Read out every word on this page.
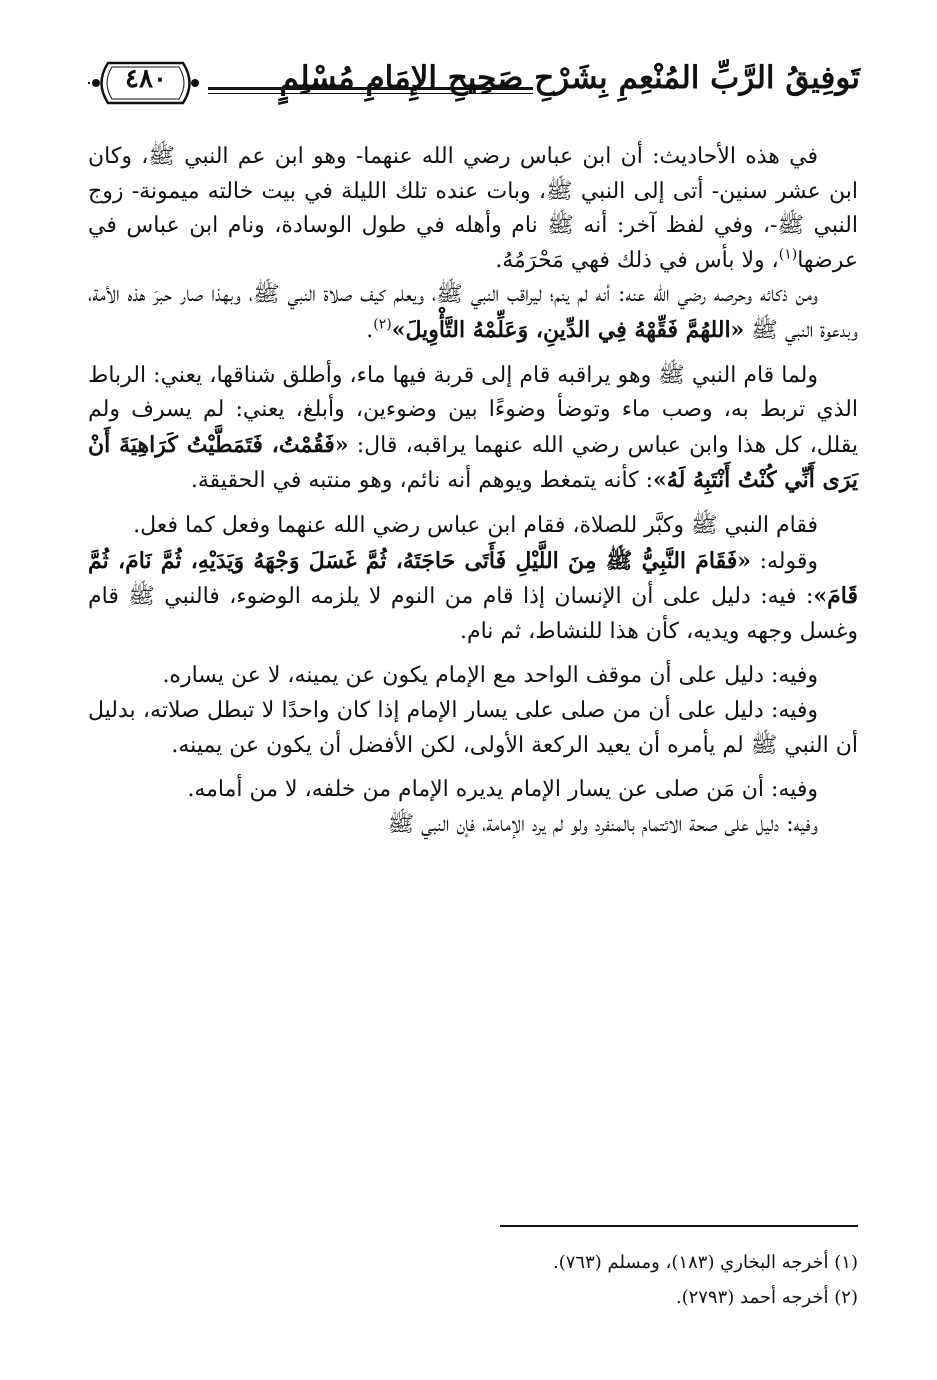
٤٨٠	تَوفِيقُ الرَّبِّ المُنْعِمِ بِشَرْحِ صَحِيحِ الإِمَامِ مُسْلِمٍ

في هذه الأحاديث: أن ابن عباس رضي الله عنهما- وهو ابن عم النبي ﷺ، وكان ابن عشر سنين- أتى إلى النبي ﷺ، وبات عنده تلك الليلة في بيت خالته ميمونة- زوج النبي ﷺ-، وفي لفظ آخر: أنه ﷺ نام وأهله في طول الوسادة، ونام ابن عباس في عرضها$^{(١)}$، ولا بأس في ذلك فهي مَحْرَمُهُ.

ومن ذكائه وحرصه رضي الله عنه: أنه لم ينم؛ ليراقب النبي ﷺ، ويعلم كيف صلاة النبي ﷺ، وبهذا صار حبرَ هذه الأمة، وبدعوة النبي ﷺ «اللهُمَّ فَقِّهْهُ فِي الدِّينِ، وَعَلِّمْهُ التَّأْوِيلَ»$^{(٢)}$.

ولما قام النبي ﷺ وهو يراقبه قام إلى قربة فيها ماء، وأطلق شناقها، يعني: الرباط الذي تربط به، وصب ماء وتوضأ وضوءًا بين وضوءين، وأبلغ، يعني: لم يسرف ولم يقلل، كل هذا وابن عباس رضي الله عنهما يراقبه، قال: «فَقُمْتُ، فَتَمَطَّيْتُ كَرَاهِيَةَ أَنْ يَرَى أَنِّي كُنْتُ أَنْتَبِهُ لَهُ»: كأنه يتمغط ويوهم أنه نائم، وهو منتبه في الحقيقة.

فقام النبي ﷺ وكبَّر للصلاة، فقام ابن عباس رضي الله عنهما وفعل كما فعل.

وقوله: «فَقَامَ النَّبِيُّ ﷺ مِنَ اللَّيْلِ فَأَتَى حَاجَتَهُ، ثُمَّ غَسَلَ وَجْهَهُ وَيَدَيْهِ، ثُمَّ نَامَ، ثُمَّ قَامَ»: فيه: دليل على أن الإنسان إذا قام من النوم لا يلزمه الوضوء، فالنبي ﷺ قام وغسل وجهه ويديه، كأن هذا للنشاط، ثم نام.

وفيه: دليل على أن موقف الواحد مع الإمام يكون عن يمينه، لا عن يساره.

وفيه: دليل على أن من صلى على يسار الإمام إذا كان واحدًا لا تبطل صلاته، بدليل أن النبي ﷺ لم يأمره أن يعيد الركعة الأولى، لكن الأفضل أن يكون عن يمينه.

وفيه: أن مَن صلى عن يسار الإمام يديره الإمام من خلفه، لا من أمامه.

وفيه: دليل على صحة الائتمام بالمنفرد ولو لم يرد الإمامة، فإن النبي ﷺ

(١) أخرجه البخاري (١٨٣)، ومسلم (٧٦٣).
(٢) أخرجه أحمد (٢٧٩٣).
